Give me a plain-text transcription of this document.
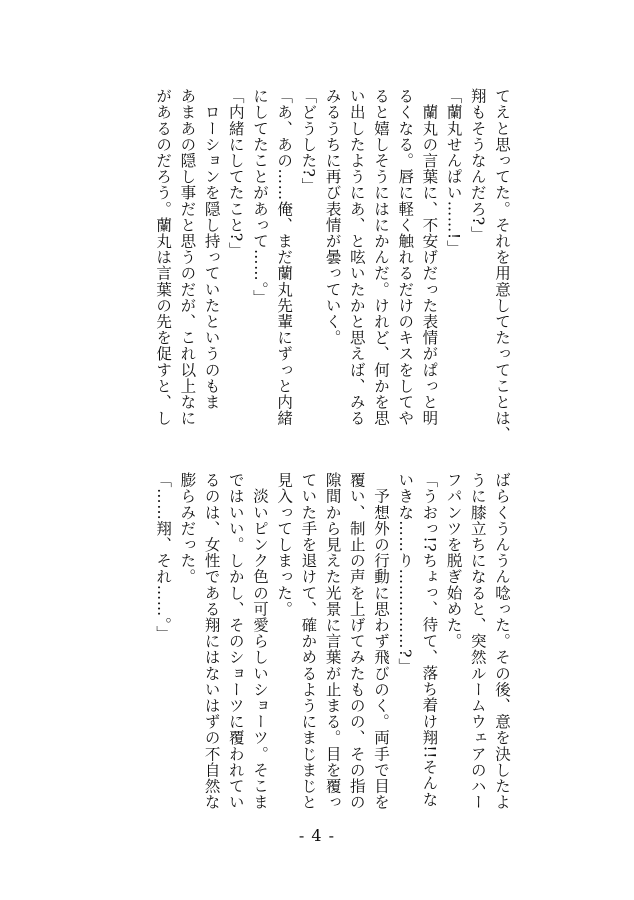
てえと思ってた。それを用意してたってことは、
翔もそうなんだろ?」
「蘭丸せんぱい……!」
　蘭丸の言葉に、不安げだった表情がぱっと明
るくなる。唇に軽く触れるだけのキスをしてや
ると嬉しそうにはにかんだ。けれど、何かを思
い出したようにあ、と呟いたかと思えば、みる
みるうちに再び表情が曇っていく。
「どうした?」
「あ、あの……俺、まだ蘭丸先輩にずっと内緒
にしてたことがあって……。」
「内緒にしてたこと?」
　ローションを隠し持っていたというのもま
あまあの隠し事だと思うのだが、これ以上なに
があるのだろう。蘭丸は言葉の先を促すと、し
ばらくうんうん唸った。その後、意を決したよ
うに膝立ちになると、突然ルームウェアのハー
フパンツを脱ぎ始めた。
「うおっ!?ちょっ、待て、落ち着け翔!!そんな
いきな……り……………?」
　予想外の行動に思わず飛びのく。両手で目を
覆い、制止の声を上げてみたものの、その指の
隙間から見えた光景に言葉が止まる。目を覆っ
ていた手を退けて、確かめるようにまじまじと
見入ってしまった。
　淡いピンク色の可愛らしいショーツ。そこま
ではいい。しかし、そのショーツに覆われてい
るのは、女性である翔にはないはずの不自然な
膨らみだった。
「……翔、それ……。」
- 4 -
